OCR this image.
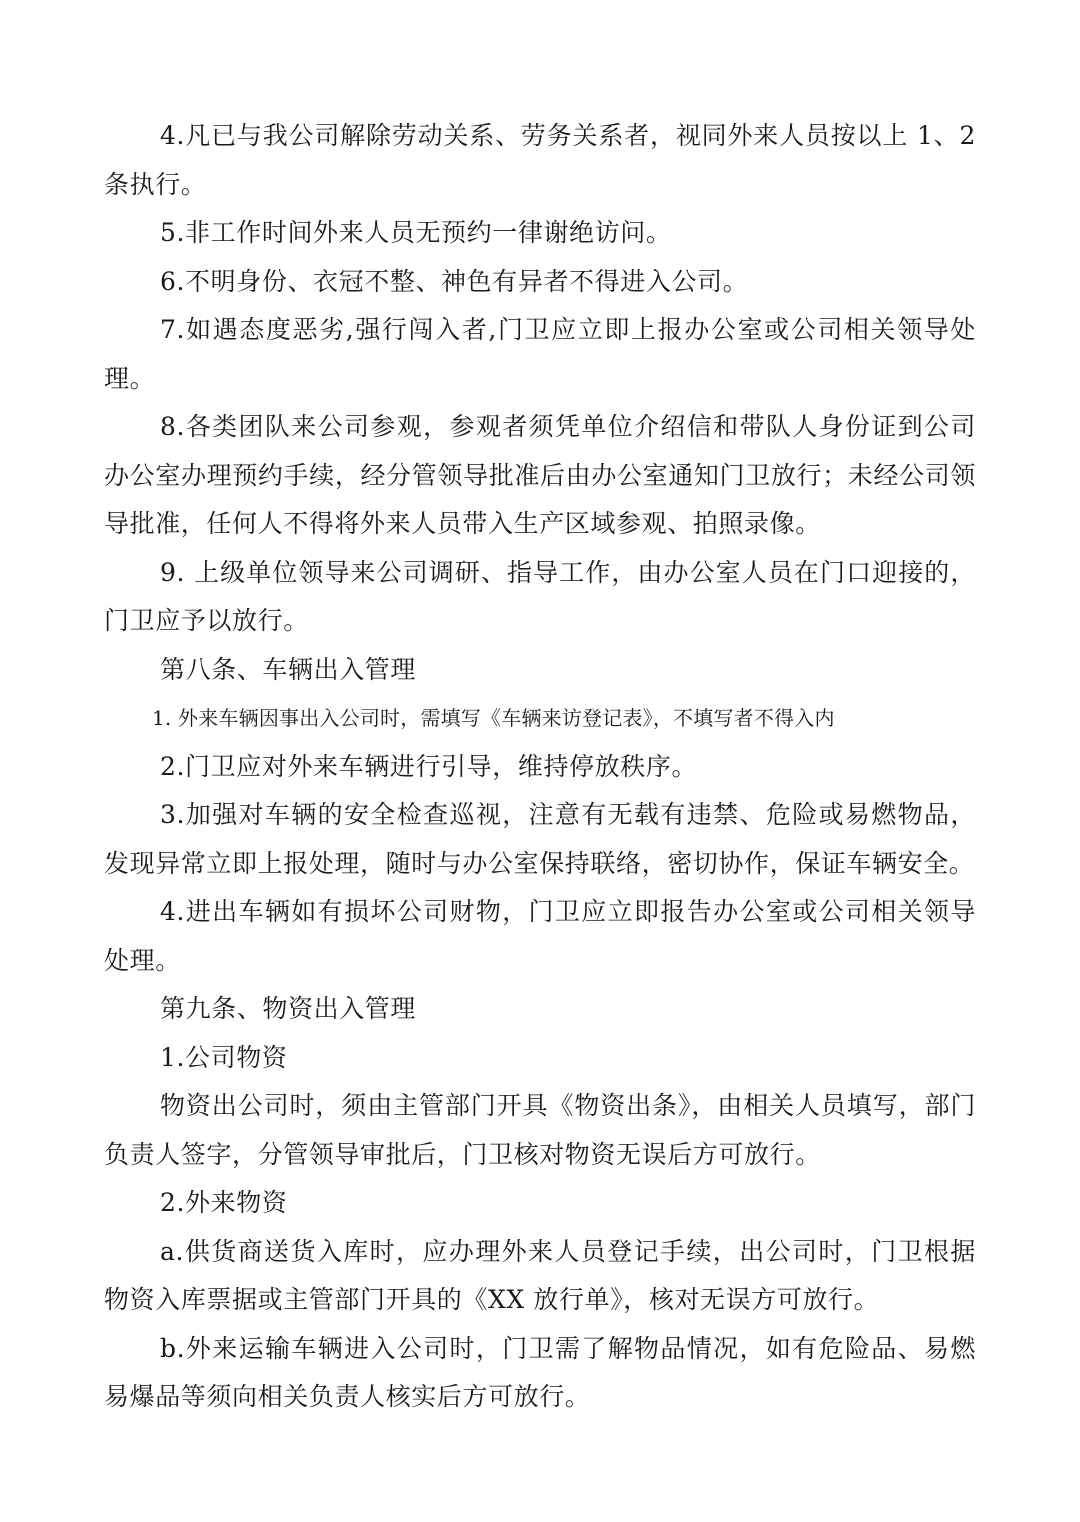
4.凡已与我公司解除劳动关系、劳务关系者，视同外来人员按以上 1、2 条执行。

5.非工作时间外来人员无预约一律谢绝访问。

6.不明身份、衣冠不整、神色有异者不得进入公司。

7.如遇态度恶劣,强行闯入者,门卫应立即上报办公室或公司相关领导处理。

8.各类团队来公司参观，参观者须凭单位介绍信和带队人身份证到公司办公室办理预约手续，经分管领导批准后由办公室通知门卫放行；未经公司领导批准，任何人不得将外来人员带入生产区域参观、拍照录像。

9. 上级单位领导来公司调研、指导工作，由办公室人员在门口迎接的，门卫应予以放行。

第八条、车辆出入管理

1. 外来车辆因事出入公司时，需填写《车辆来访登记表》，不填写者不得入内

2.门卫应对外来车辆进行引导，维持停放秩序。

3.加强对车辆的安全检查巡视，注意有无载有违禁、危险或易燃物品，发现异常立即上报处理，随时与办公室保持联络，密切协作，保证车辆安全。

4.进出车辆如有损坏公司财物，门卫应立即报告办公室或公司相关领导处理。

第九条、物资出入管理

1.公司物资

物资出公司时，须由主管部门开具《物资出条》，由相关人员填写，部门负责人签字，分管领导审批后，门卫核对物资无误后方可放行。

2.外来物资

a.供货商送货入库时，应办理外来人员登记手续，出公司时，门卫根据物资入库票据或主管部门开具的《XX 放行单》，核对无误方可放行。

b.外来运输车辆进入公司时，门卫需了解物品情况，如有危险品、易燃易爆品等须向相关负责人核实后方可放行。
